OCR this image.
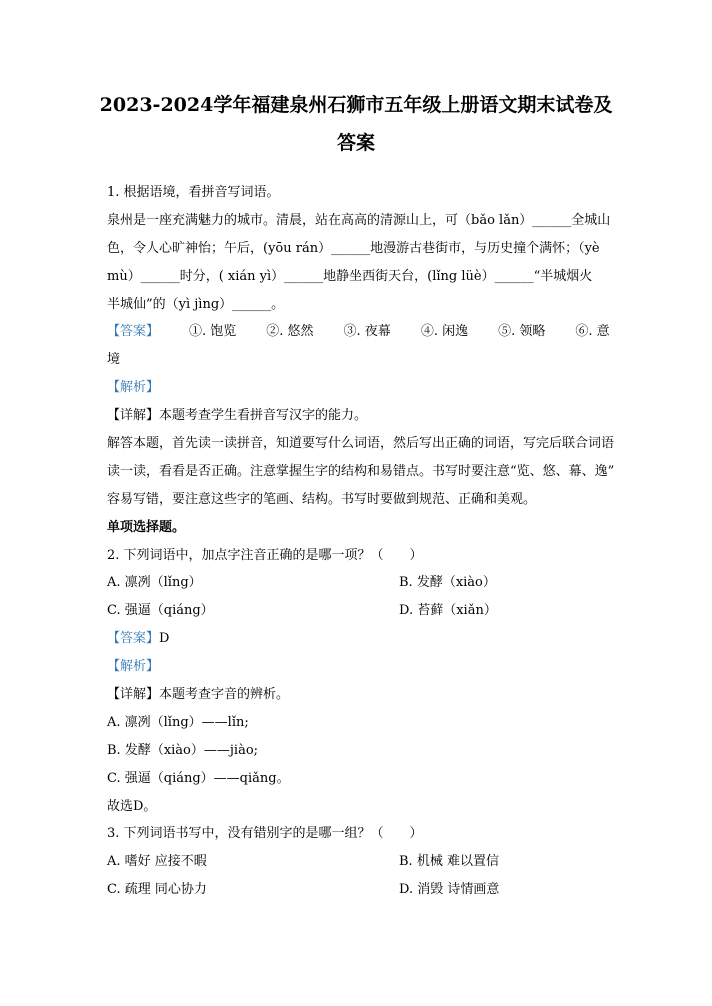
2023-2024学年福建泉州石狮市五年级上册语文期末试卷及
答案
1. 根据语境，看拼音写词语。
泉州是一座充满魅力的城市。清晨，站在高高的清源山上，可（bǎo lǎn）______全城山
色，令人心旷神怡；午后，(yōu rán）______地漫游古巷街市，与历史撞个满怀；（yè
mù）______时分，( xián yì）______地静坐西街天台，(lǐng lüè）______“半城烟火
半城仙”的（yì jìng）______。
【答案】 ①. 饱览 ②. 悠然 ③. 夜幕 ④. 闲逸 ⑤. 领略 ⑥. 意
境
【解析】
【详解】本题考查学生看拼音写汉字的能力。
解答本题，首先读一读拼音，知道要写什么词语，然后写出正确的词语，写完后联合词语
读一读，看看是否正确。注意掌握生字的结构和易错点。书写时要注意“览、悠、幕、逸”
容易写错，要注意这些字的笔画、结构。书写时要做到规范、正确和美观。
单项选择题。
2. 下列词语中，加点字注音正确的是哪一项？（　　）
A. 凛冽（lǐng）	B. 发酵（xiào）
C. 强逼（qiáng）	D. 苔藓（xiǎn）
【答案】D
【解析】
【详解】本题考查字音的辨析。
A. 凛冽（lǐng）——lǐn;
B. 发酵（xiào）——jiào;
C. 强逼（qiáng）——qiǎng。
故选D。
3. 下列词语书写中，没有错别字的是哪一组？（　　）
A. 嗜好 应接不暇	B. 机械 难以置信
C. 疏理 同心协力	D. 消毁 诗情画意
